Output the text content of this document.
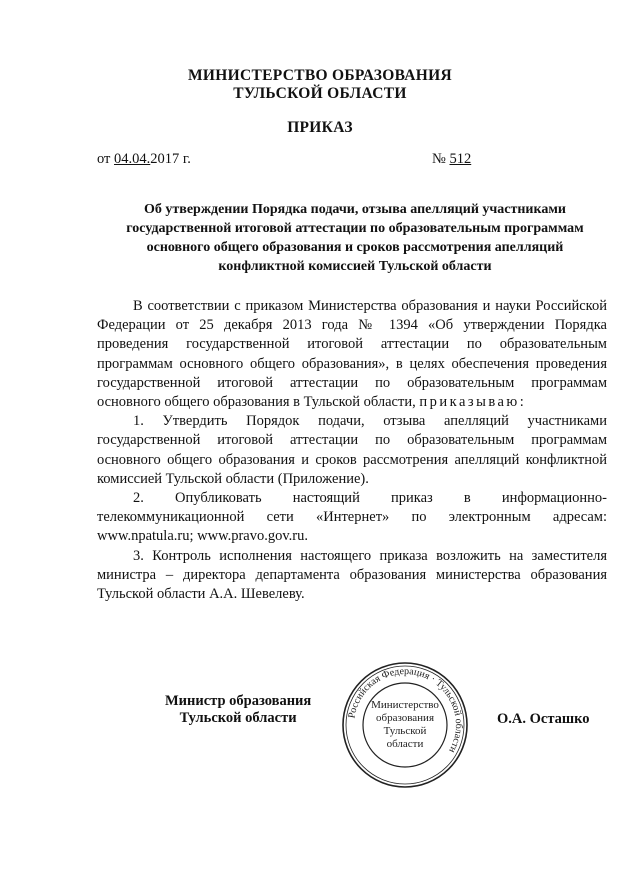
МИНИСТЕРСТВО ОБРАЗОВАНИЯ
ТУЛЬСКОЙ ОБЛАСТИ
ПРИКАЗ
от 04.04.2017 г.	№ 512
Об утверждении Порядка подачи, отзыва апелляций участниками
государственной итоговой аттестации по образовательным программам
основного общего образования и сроков рассмотрения апелляций
конфликтной комиссией Тульской области

В соответствии с приказом Министерства образования и науки Российской Федерации от 25 декабря 2013 года № 1394 «Об утверждении Порядка проведения государственной итоговой аттестации по образовательным программам основного общего образования», в целях обеспечения проведения государственной итоговой аттестации по образовательным программам основного общего образования в Тульской области, приказываю:

1. Утвердить Порядок подачи, отзыва апелляций участниками государственной итоговой аттестации по образовательным программам основного общего образования и сроков рассмотрения апелляций конфликтной комиссией Тульской области (Приложение).

2. Опубликовать настоящий приказ в информационно-телекоммуникационной сети «Интернет» по электронным адресам: www.npatula.ru; www.pravo.gov.ru.

3. Контроль исполнения настоящего приказа возложить на заместителя министра – директора департамента образования министерства образования Тульской области А.А. Шевелеву.

Министр образования
Тульской области	Российская Федерация · Тульской области
Министерство
образования
Тульской
области
О.А. Осташко
